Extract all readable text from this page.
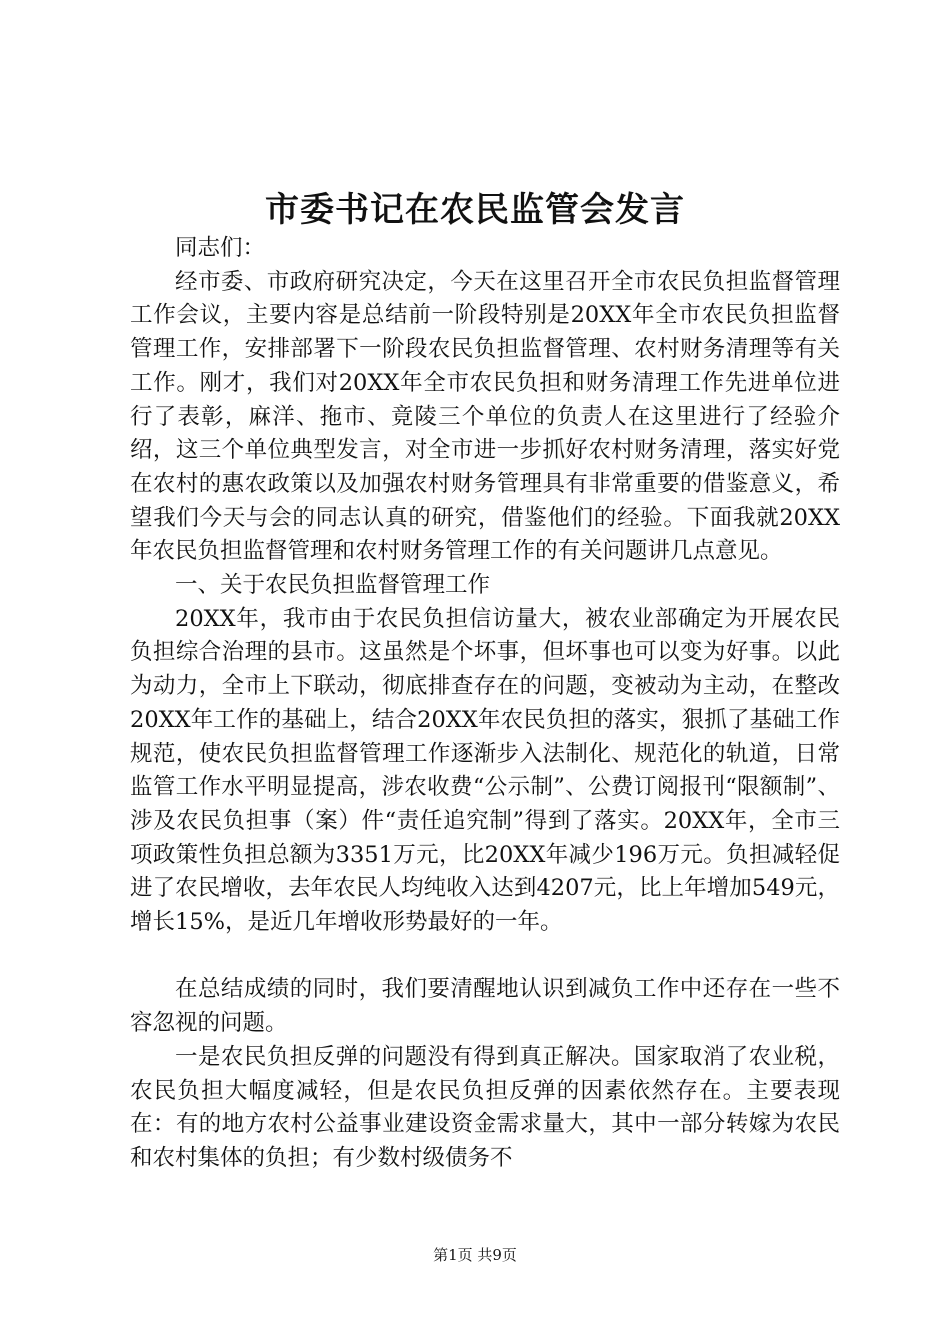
市委书记在农民监管会发言

同志们：

经市委、市政府研究决定，今天在这里召开全市农民负担监督管理工作会议，主要内容是总结前一阶段特别是20XX年全市农民负担监督管理工作，安排部署下一阶段农民负担监督管理、农村财务清理等有关工作。刚才，我们对20XX年全市农民负担和财务清理工作先进单位进行了表彰，麻洋、拖市、竟陵三个单位的负责人在这里进行了经验介绍，这三个单位典型发言，对全市进一步抓好农村财务清理，落实好党在农村的惠农政策以及加强农村财务管理具有非常重要的借鉴意义，希望我们今天与会的同志认真的研究，借鉴他们的经验。下面我就20XX年农民负担监督管理和农村财务管理工作的有关问题讲几点意见。

一、关于农民负担监督管理工作

20XX年，我市由于农民负担信访量大，被农业部确定为开展农民负担综合治理的县市。这虽然是个坏事，但坏事也可以变为好事。以此为动力，全市上下联动，彻底排查存在的问题，变被动为主动，在整改20XX年工作的基础上，结合20XX年农民负担的落实，狠抓了基础工作规范，使农民负担监督管理工作逐渐步入法制化、规范化的轨道，日常监管工作水平明显提高，涉农收费“公示制”、公费订阅报刊“限额制”、涉及农民负担事（案）件“责任追究制”得到了落实。20XX年，全市三项政策性负担总额为3351万元，比20XX年减少196万元。负担减轻促进了农民增收，去年农民人均纯收入达到4207元，比上年增加549元，增长15%，是近几年增收形势最好的一年。

在总结成绩的同时，我们要清醒地认识到减负工作中还存在一些不容忽视的问题。

一是农民负担反弹的问题没有得到真正解决。国家取消了农业税，农民负担大幅度减轻，但是农民负担反弹的因素依然存在。主要表现在：有的地方农村公益事业建设资金需求量大，其中一部分转嫁为农民和农村集体的负担；有少数村级债务不

第1页 共9页
